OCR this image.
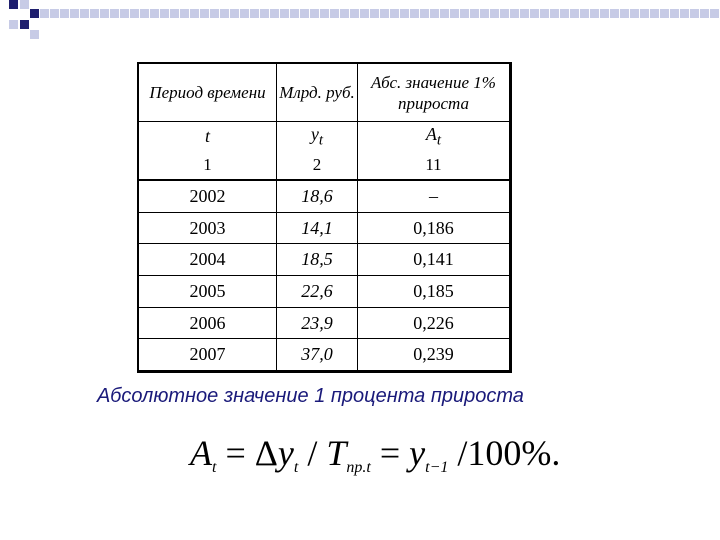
Период времени	Млрд. руб.	Абс. значение 1% прироста
t	$y_t$	$A_t$
1	2	11
2002	18,6	–
2003	14,1	0,186
2004	18,5	0,141
2005	22,6	0,185
2006	23,9	0,226
2007	37,0	0,239
Абсолютное значение 1 процента прироста
$A_t = \Delta y_t / T_{пр.t} = y_{t-1}$ /100%.
